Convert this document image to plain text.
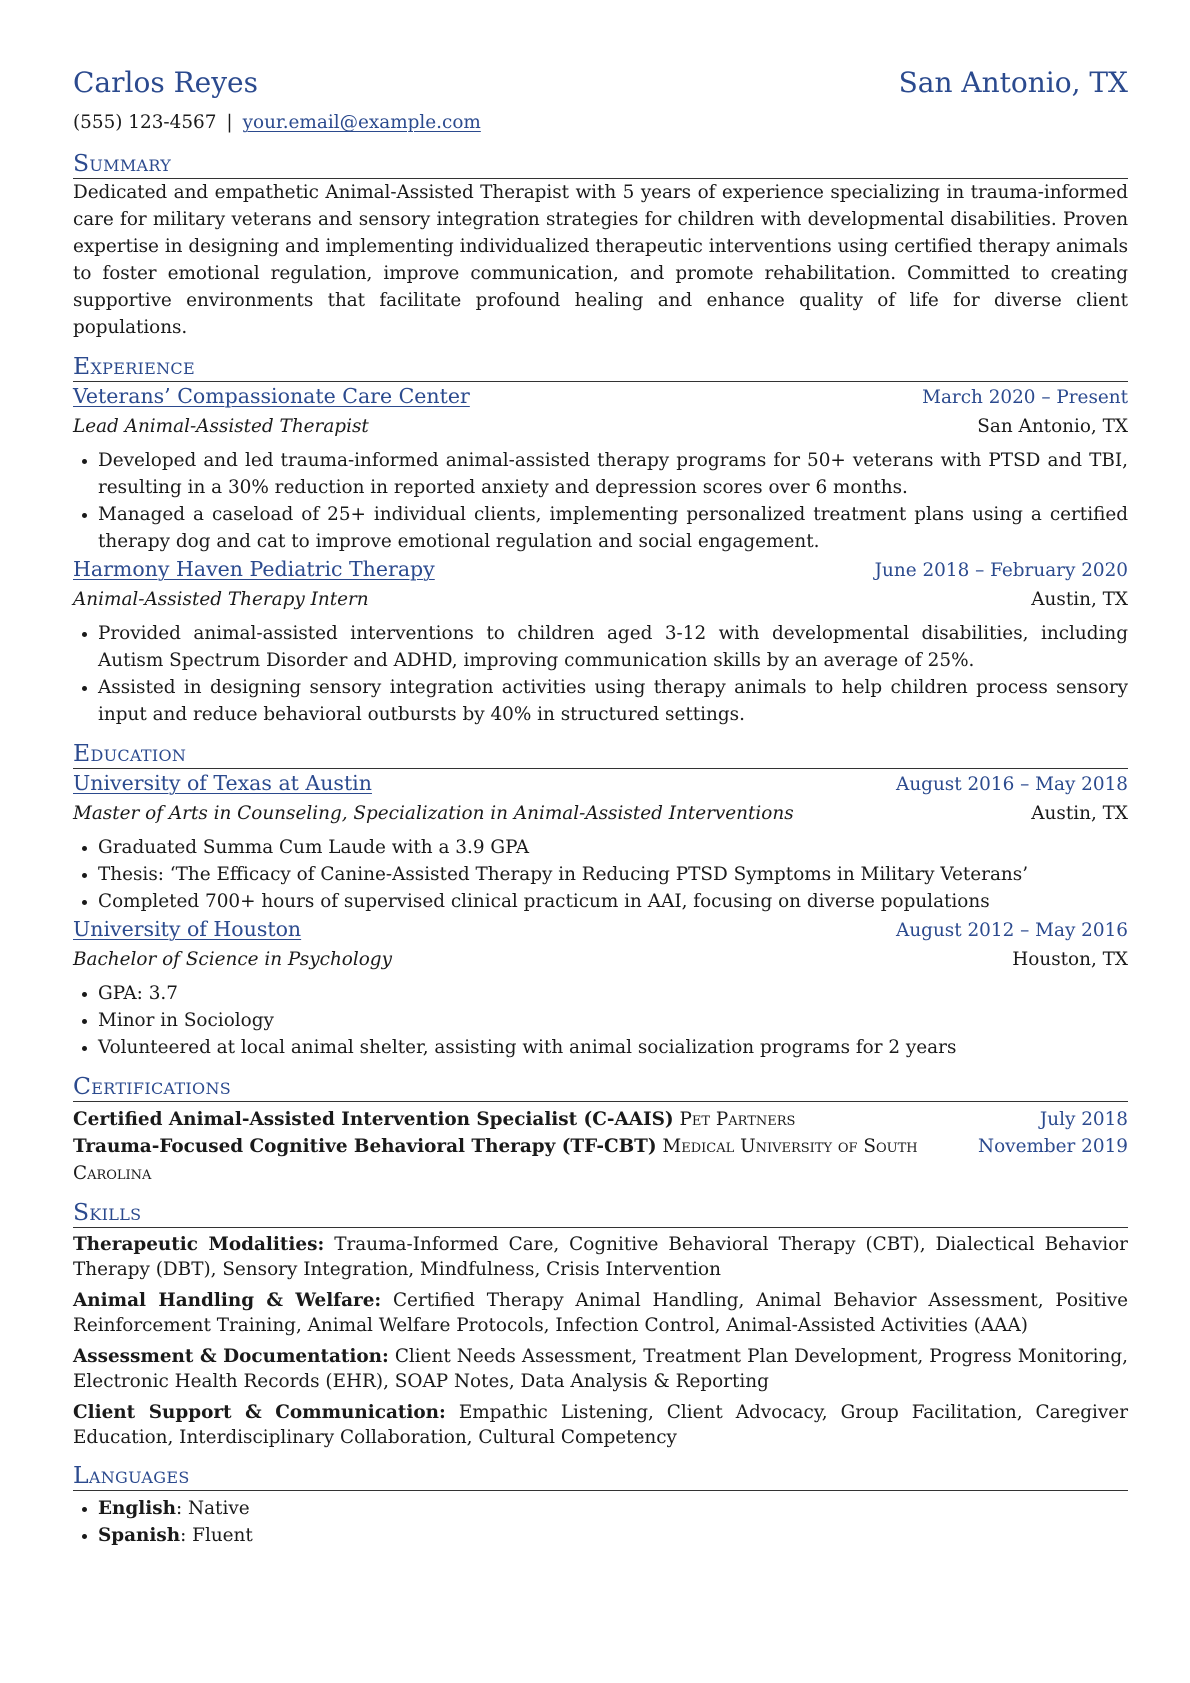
Carlos Reyes	San Antonio, TX
(555) 123-4567 | your.email@example.com
Summary

Dedicated and empathetic Animal-Assisted Therapist with 5 years of experience specializing in trauma-informed care for military veterans and sensory integration strategies for children with developmental disabilities. Proven expertise in designing and implementing individualized therapeutic interventions using certified therapy animals to foster emotional regulation, improve communication, and promote rehabilitation. Committed to creating supportive environments that facilitate profound healing and enhance quality of life for diverse client populations.

Experience
Veterans’ Compassionate Care Center	March 2020 – Present
Lead Animal-Assisted Therapist	San Antonio, TX
• Developed and led trauma-informed animal-assisted therapy programs for 50+ veterans with PTSD and TBI, resulting in a 30% reduction in reported anxiety and depression scores over 6 months.
• Managed a caseload of 25+ individual clients, implementing personalized treatment plans using a certified therapy dog and cat to improve emotional regulation and social engagement.
Harmony Haven Pediatric Therapy	June 2018 – February 2020
Animal-Assisted Therapy Intern	Austin, TX
• Provided animal-assisted interventions to children aged 3-12 with developmental disabilities, including Autism Spectrum Disorder and ADHD, improving communication skills by an average of 25%.
• Assisted in designing sensory integration activities using therapy animals to help children process sensory input and reduce behavioral outbursts by 40% in structured settings.
Education
University of Texas at Austin	August 2016 – May 2018
Master of Arts in Counseling, Specialization in Animal-Assisted Interventions	Austin, TX
• Graduated Summa Cum Laude with a 3.9 GPA
• Thesis: ‘The Efficacy of Canine-Assisted Therapy in Reducing PTSD Symptoms in Military Veterans’
• Completed 700+ hours of supervised clinical practicum in AAI, focusing on diverse populations
University of Houston	August 2012 – May 2016
Bachelor of Science in Psychology	Houston, TX
• GPA: 3.7
• Minor in Sociology
• Volunteered at local animal shelter, assisting with animal socialization programs for 2 years
Certifications
Certified Animal-Assisted Intervention Specialist (C-AAIS) Pet Partners	July 2018
Trauma-Focused Cognitive Behavioral Therapy (TF-CBT) Medical University of South Carolina
November 2019
Skills
Therapeutic Modalities: Trauma-Informed Care, Cognitive Behavioral Therapy (CBT), Dialectical Behavior Therapy (DBT), Sensory Integration, Mindfulness, Crisis Intervention
Animal Handling & Welfare: Certified Therapy Animal Handling, Animal Behavior Assessment, Positive Reinforcement Training, Animal Welfare Protocols, Infection Control, Animal-Assisted Activities (AAA)
Assessment & Documentation: Client Needs Assessment, Treatment Plan Development, Progress Monitoring, Electronic Health Records (EHR), SOAP Notes, Data Analysis & Reporting
Client Support & Communication: Empathic Listening, Client Advocacy, Group Facilitation, Caregiver Education, Interdisciplinary Collaboration, Cultural Competency
Languages
• English: Native
• Spanish: Fluent
